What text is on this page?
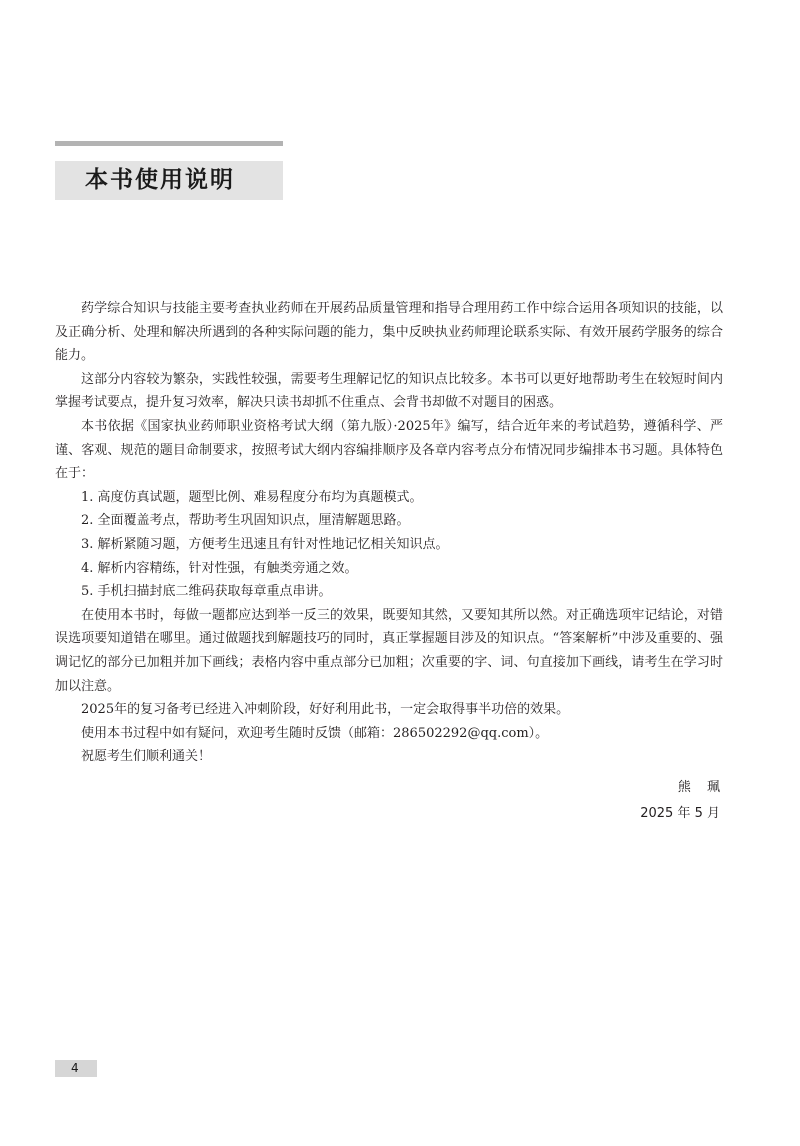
本书使用说明

药学综合知识与技能主要考查执业药师在开展药品质量管理和指导合理用药工作中综合运用各项知识的技能，以及正确分析、处理和解决所遇到的各种实际问题的能力，集中反映执业药师理论联系实际、有效开展药学服务的综合能力。

这部分内容较为繁杂，实践性较强，需要考生理解记忆的知识点比较多。本书可以更好地帮助考生在较短时间内掌握考试要点，提升复习效率，解决只读书却抓不住重点、会背书却做不对题目的困惑。

本书依据《国家执业药师职业资格考试大纲（第九版）·2025年》编写，结合近年来的考试趋势，遵循科学、严谨、客观、规范的题目命制要求，按照考试大纲内容编排顺序及各章内容考点分布情况同步编排本书习题。具体特色在于：

1. 高度仿真试题，题型比例、难易程度分布均为真题模式。

2. 全面覆盖考点，帮助考生巩固知识点，厘清解题思路。

3. 解析紧随习题，方便考生迅速且有针对性地记忆相关知识点。

4. 解析内容精练，针对性强，有触类旁通之效。

5. 手机扫描封底二维码获取每章重点串讲。

在使用本书时，每做一题都应达到举一反三的效果，既要知其然，又要知其所以然。对正确选项牢记结论，对错误选项要知道错在哪里。通过做题找到解题技巧的同时，真正掌握题目涉及的知识点。“答案解析”中涉及重要的、强调记忆的部分已加粗并加下画线；表格内容中重点部分已加粗；次重要的字、词、句直接加下画线，请考生在学习时加以注意。

2025年的复习备考已经进入冲刺阶段，好好利用此书，一定会取得事半功倍的效果。

使用本书过程中如有疑问，欢迎考生随时反馈（邮箱：286502292@qq.com）。

祝愿考生们顺利通关！

熊 珮
2025 年 5 月
4
